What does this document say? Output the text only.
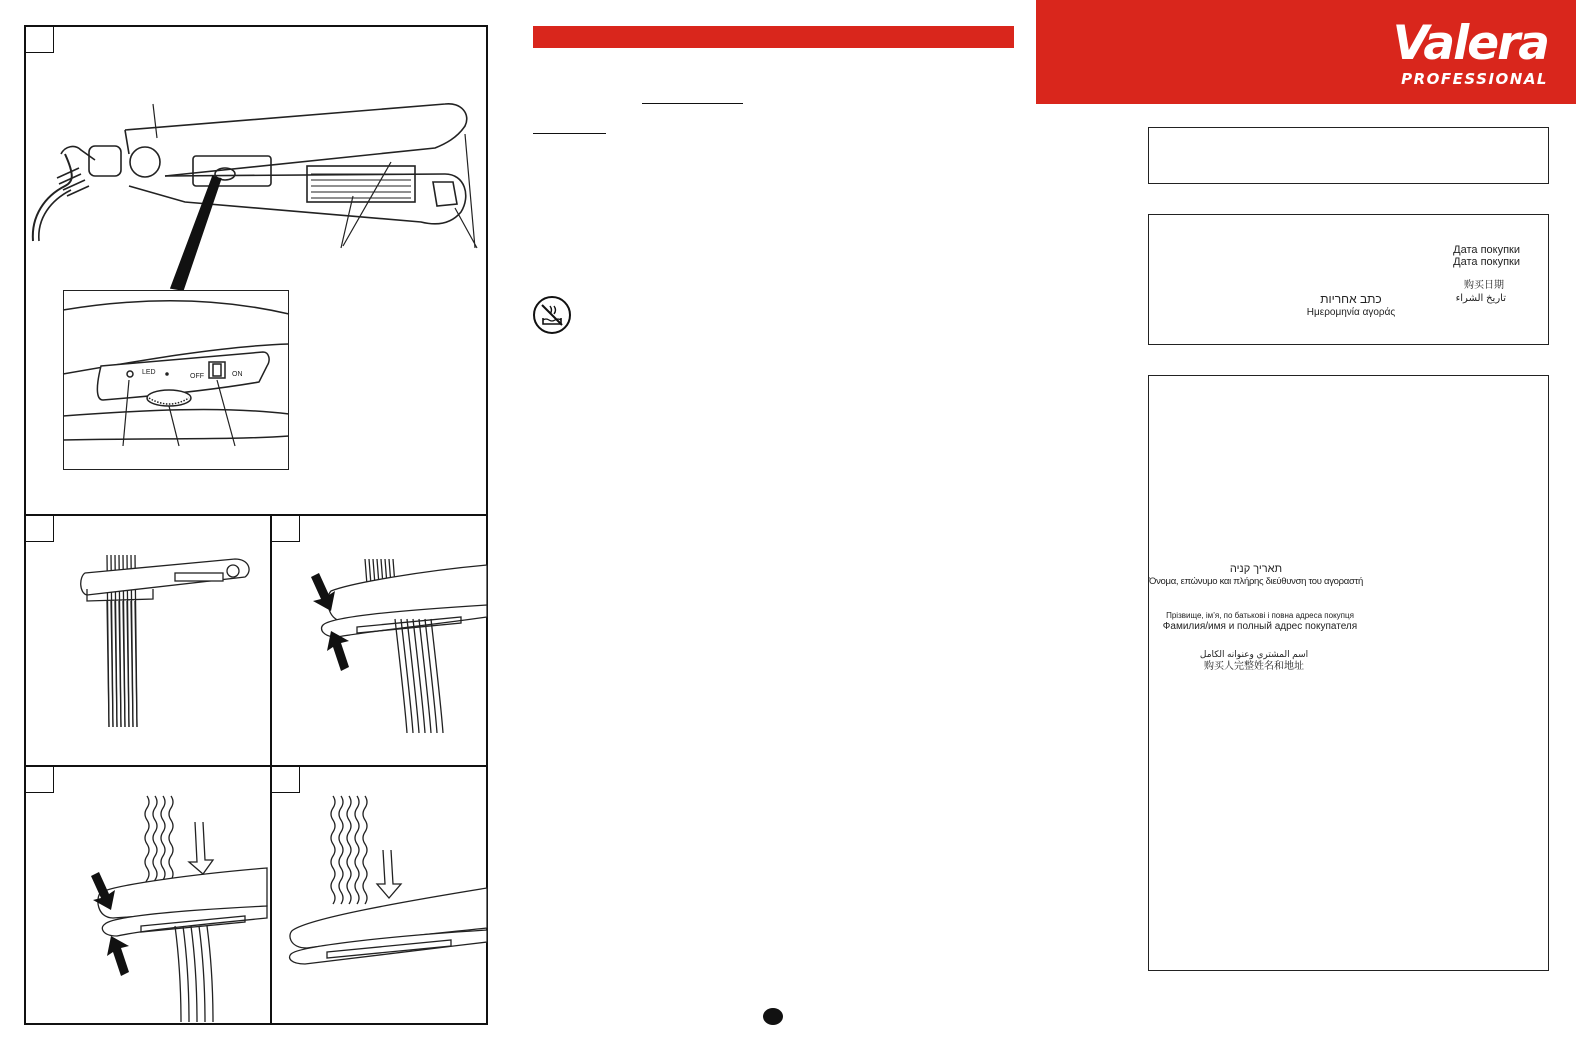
LED
OFF	ON
Valera
PROFESSIONAL
Дата покупки
Дата покупки
购买日期
تاريخ الشراء
כתב אחריות
Ημερομηνία αγοράς
תאריך קניה
Όνομα, επώνυμο και πλήρης διεύθυνση του αγοραστή
Прізвище, ім’я, по батькові і повна адреса покупця
Фамилия/имя и полный адрес покупателя
اسم المشتري وعنوانه الكامل
购买人完整姓名和地址
